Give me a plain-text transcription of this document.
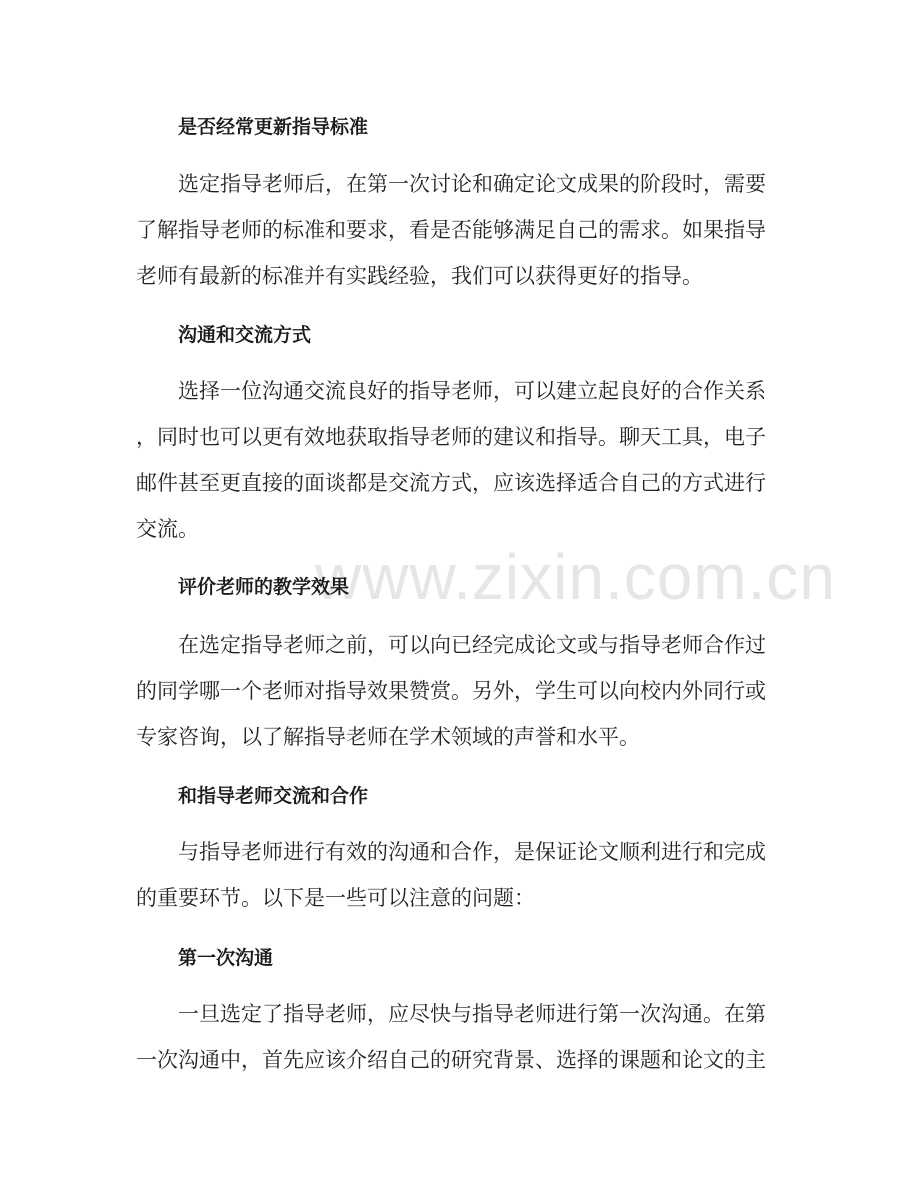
www.zixin.com.cn
是否经常更新指导标准
选定指导老师后，在第一次讨论和确定论文成果的阶段时，需要
了解指导老师的标准和要求，看是否能够满足自己的需求。如果指导
老师有最新的标准并有实践经验，我们可以获得更好的指导。
沟通和交流方式
选择一位沟通交流良好的指导老师，可以建立起良好的合作关系
，同时也可以更有效地获取指导老师的建议和指导。聊天工具，电子
邮件甚至更直接的面谈都是交流方式，应该选择适合自己的方式进行
交流。
评价老师的教学效果
在选定指导老师之前，可以向已经完成论文或与指导老师合作过
的同学哪一个老师对指导效果赞赏。另外，学生可以向校内外同行或
专家咨询，以了解指导老师在学术领域的声誉和水平。
和指导老师交流和合作
与指导老师进行有效的沟通和合作，是保证论文顺利进行和完成
的重要环节。以下是一些可以注意的问题：
第一次沟通
一旦选定了指导老师，应尽快与指导老师进行第一次沟通。在第
一次沟通中，首先应该介绍自己的研究背景、选择的课题和论文的主
